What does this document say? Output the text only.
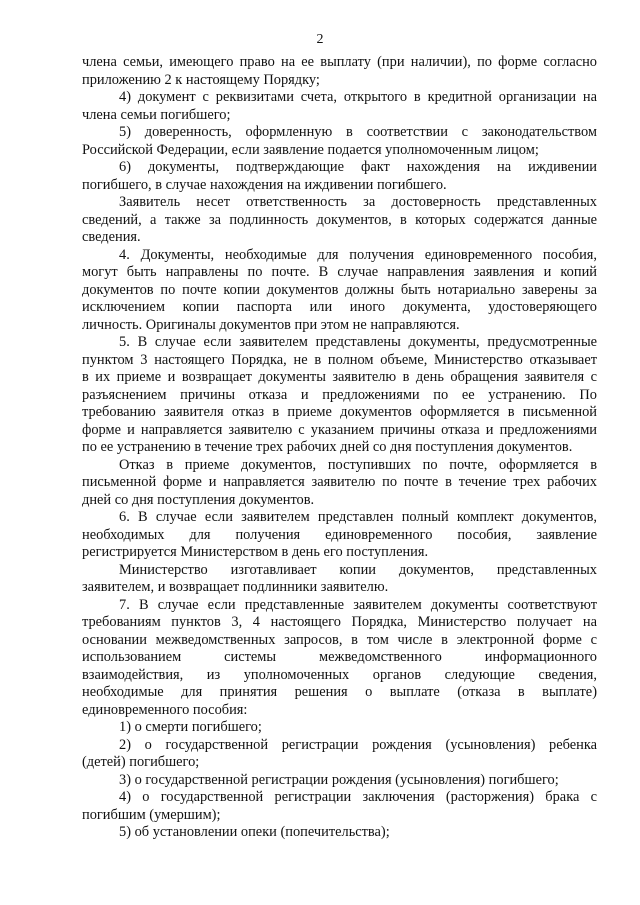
2
члена семьи, имеющего право на ее выплату (при наличии), по форме согласно
приложению 2 к настоящему Порядку;
4) документ с реквизитами счета, открытого в кредитной организации на
члена семьи погибшего;
5) доверенность, оформленную в соответствии с законодательством
Российской Федерации, если заявление подается уполномоченным лицом;
6) документы, подтверждающие факт нахождения на иждивении
погибшего, в случае нахождения на иждивении погибшего.
Заявитель несет ответственность за достоверность представленных
сведений, а также за подлинность документов, в которых содержатся данные
сведения.
4. Документы, необходимые для получения единовременного пособия,
могут быть направлены по почте. В случае направления заявления и копий
документов по почте копии документов должны быть нотариально заверены за
исключением копии паспорта или иного документа, удостоверяющего
личность. Оригиналы документов при этом не направляются.
5. В случае если заявителем представлены документы, предусмотренные
пунктом 3 настоящего Порядка, не в полном объеме, Министерство отказывает
в их приеме и возвращает документы заявителю в день обращения заявителя с
разъяснением причины отказа и предложениями по ее устранению. По
требованию заявителя отказ в приеме документов оформляется в письменной
форме и направляется заявителю с указанием причины отказа и предложениями
по ее устранению в течение трех рабочих дней со дня поступления документов.
Отказ в приеме документов, поступивших по почте, оформляется в
письменной форме и направляется заявителю по почте в течение трех рабочих
дней со дня поступления документов.
6. В случае если заявителем представлен полный комплект документов,
необходимых для получения единовременного пособия, заявление
регистрируется Министерством в день его поступления.
Министерство изготавливает копии документов, представленных
заявителем, и возвращает подлинники заявителю.
7. В случае если представленные заявителем документы соответствуют
требованиям пунктов 3, 4 настоящего Порядка, Министерство получает на
основании межведомственных запросов, в том числе в электронной форме с
использованием системы межведомственного информационного
взаимодействия, из уполномоченных органов следующие сведения,
необходимые для принятия решения о выплате (отказа в выплате)
единовременного пособия:
1) о смерти погибшего;
2) о государственной регистрации рождения (усыновления) ребенка
(детей) погибшего;
3) о государственной регистрации рождения (усыновления) погибшего;
4) о государственной регистрации заключения (расторжения) брака с
погибшим (умершим);
5) об установлении опеки (попечительства);
